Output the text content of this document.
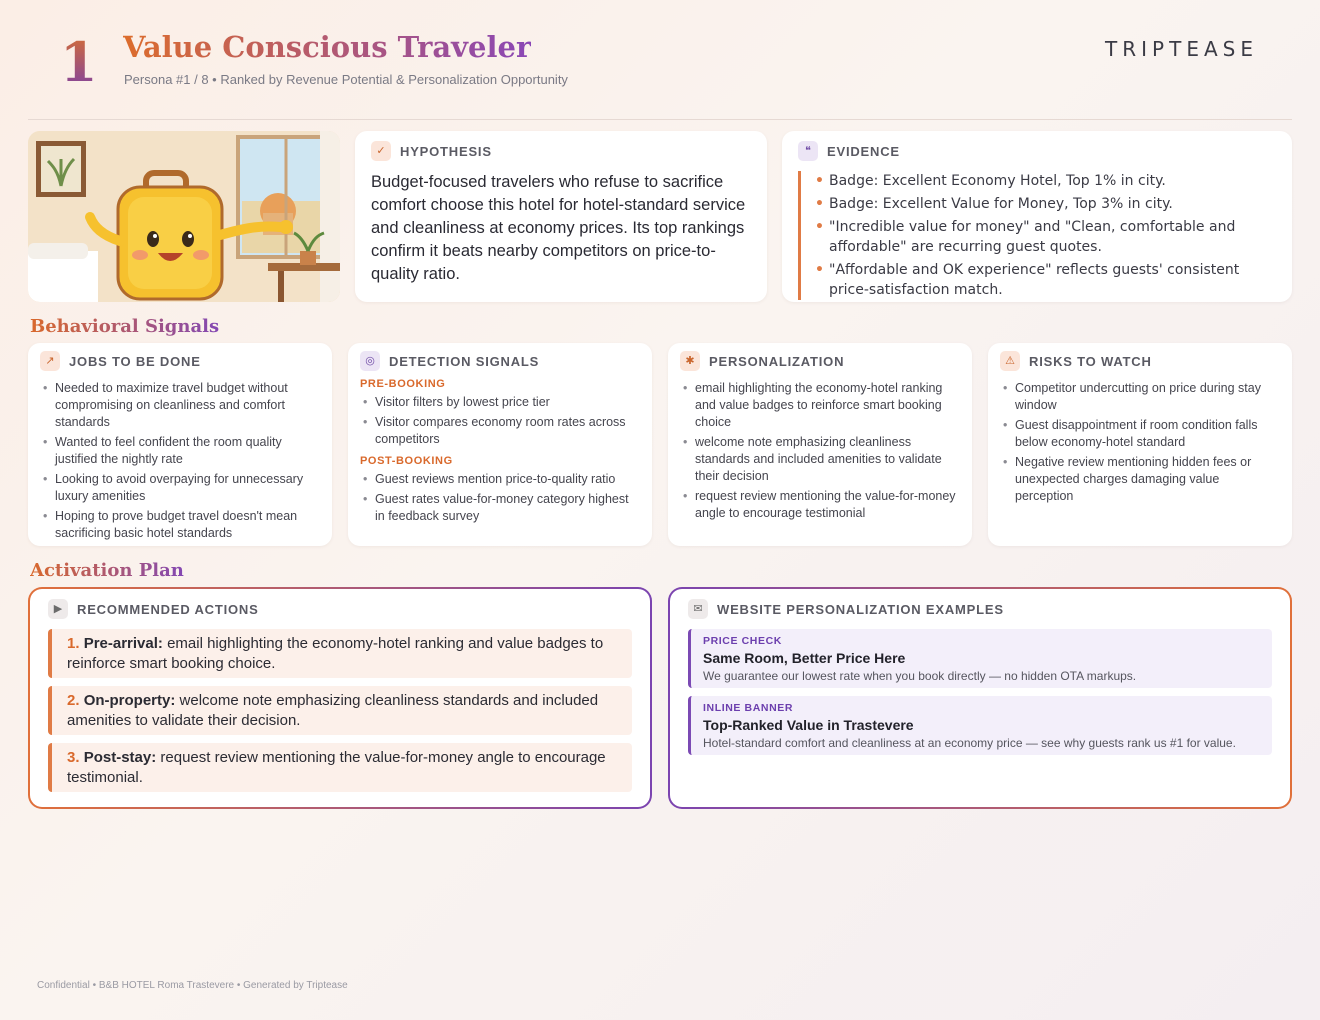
1 Value Conscious Traveler
Persona #1 / 8 • Ranked by Revenue Potential & Personalization Opportunity
TRIPTEASE
✓	HYPOTHESIS
Budget-focused travelers who refuse to sacrifice comfort choose this hotel for hotel-standard service and cleanliness at economy prices. Its top rankings confirm it beats nearby competitors on price-to-quality ratio.
❝	EVIDENCE
• Badge: Excellent Economy Hotel, Top 1% in city.
• Badge: Excellent Value for Money, Top 3% in city.
• "Incredible value for money" and "Clean, comfortable and affordable" are recurring guest quotes.
• "Affordable and OK experience" reflects guests' consistent price-satisfaction match.
Behavioral Signals
↗	JOBS TO BE DONE
• Needed to maximize travel budget without compromising on cleanliness and comfort standards
• Wanted to feel confident the room quality justified the nightly rate
• Looking to avoid overpaying for unnecessary luxury amenities
• Hoping to prove budget travel doesn't mean sacrificing basic hotel standards
◎	DETECTION SIGNALS
PRE-BOOKING
• Visitor filters by lowest price tier
• Visitor compares economy room rates across competitors
POST-BOOKING
• Guest reviews mention price-to-quality ratio
• Guest rates value-for-money category highest in feedback survey
✱	PERSONALIZATION
• email highlighting the economy-hotel ranking and value badges to reinforce smart booking choice
• welcome note emphasizing cleanliness standards and included amenities to validate their decision
• request review mentioning the value-for-money angle to encourage testimonial
⚠	RISKS TO WATCH
• Competitor undercutting on price during stay window
• Guest disappointment if room condition falls below economy-hotel standard
• Negative review mentioning hidden fees or unexpected charges damaging value perception
Activation Plan
▶	RECOMMENDED ACTIONS
1. Pre-arrival: email highlighting the economy-hotel ranking and value badges to reinforce smart booking choice.
2. On-property: welcome note emphasizing cleanliness standards and included amenities to validate their decision.
3. Post-stay: request review mentioning the value-for-money angle to encourage testimonial.
✉	WEBSITE PERSONALIZATION EXAMPLES
PRICE CHECK
Same Room, Better Price Here
We guarantee our lowest rate when you book directly — no hidden OTA markups.
INLINE BANNER
Top-Ranked Value in Trastevere
Hotel-standard comfort and cleanliness at an economy price — see why guests rank us #1 for value.
Confidential • B&B HOTEL Roma Trastevere • Generated by Triptease
